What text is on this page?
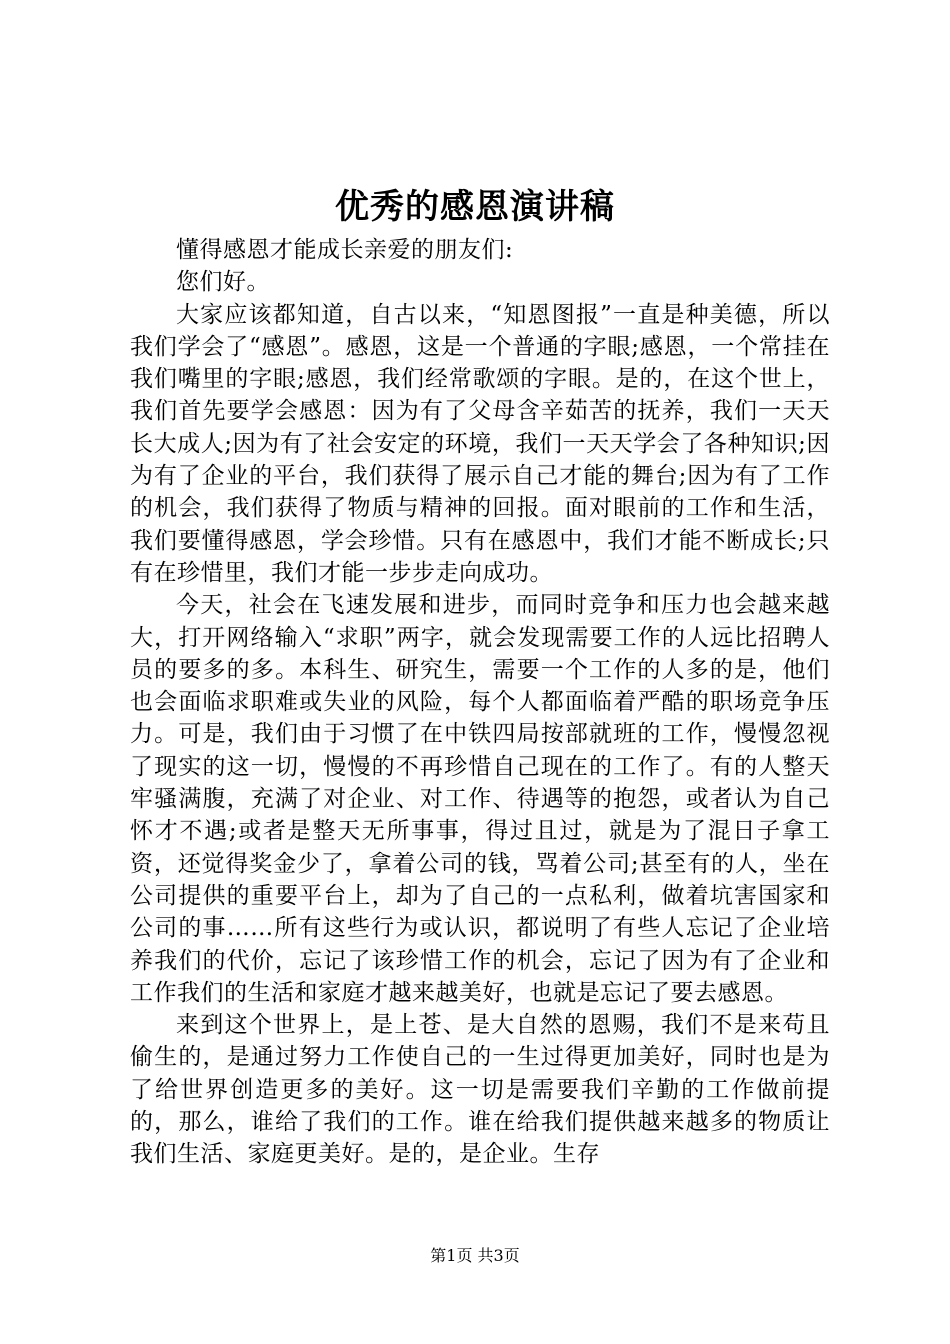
优秀的感恩演讲稿

懂得感恩才能成长亲爱的朋友们:

您们好。

大家应该都知道，自古以来，“知恩图报”一直是种美德，所以我们学会了“感恩”。感恩，这是一个普通的字眼;感恩，一个常挂在我们嘴里的字眼;感恩，我们经常歌颂的字眼。是的，在这个世上，我们首先要学会感恩：因为有了父母含辛茹苦的抚养，我们一天天长大成人;因为有了社会安定的环境，我们一天天学会了各种知识;因为有了企业的平台，我们获得了展示自己才能的舞台;因为有了工作的机会，我们获得了物质与精神的回报。面对眼前的工作和生活，我们要懂得感恩，学会珍惜。只有在感恩中，我们才能不断成长;只有在珍惜里，我们才能一步步走向成功。

今天，社会在飞速发展和进步，而同时竞争和压力也会越来越大，打开网络输入“求职”两字，就会发现需要工作的人远比招聘人员的要多的多。本科生、研究生，需要一个工作的人多的是，他们也会面临求职难或失业的风险，每个人都面临着严酷的职场竞争压力。可是，我们由于习惯了在中铁四局按部就班的工作，慢慢忽视了现实的这一切，慢慢的不再珍惜自己现在的工作了。有的人整天牢骚满腹，充满了对企业、对工作、待遇等的抱怨，或者认为自己怀才不遇;或者是整天无所事事，得过且过，就是为了混日子拿工资，还觉得奖金少了，拿着公司的钱，骂着公司;甚至有的人，坐在公司提供的重要平台上，却为了自己的一点私利，做着坑害国家和公司的事……所有这些行为或认识，都说明了有些人忘记了企业培养我们的代价，忘记了该珍惜工作的机会，忘记了因为有了企业和工作我们的生活和家庭才越来越美好，也就是忘记了要去感恩。

来到这个世界上，是上苍、是大自然的恩赐，我们不是来苟且偷生的，是通过努力工作使自己的一生过得更加美好，同时也是为了给世界创造更多的美好。这一切是需要我们辛勤的工作做前提的，那么，谁给了我们的工作。谁在给我们提供越来越多的物质让我们生活、家庭更美好。是的，是企业。生存

第1页 共3页
